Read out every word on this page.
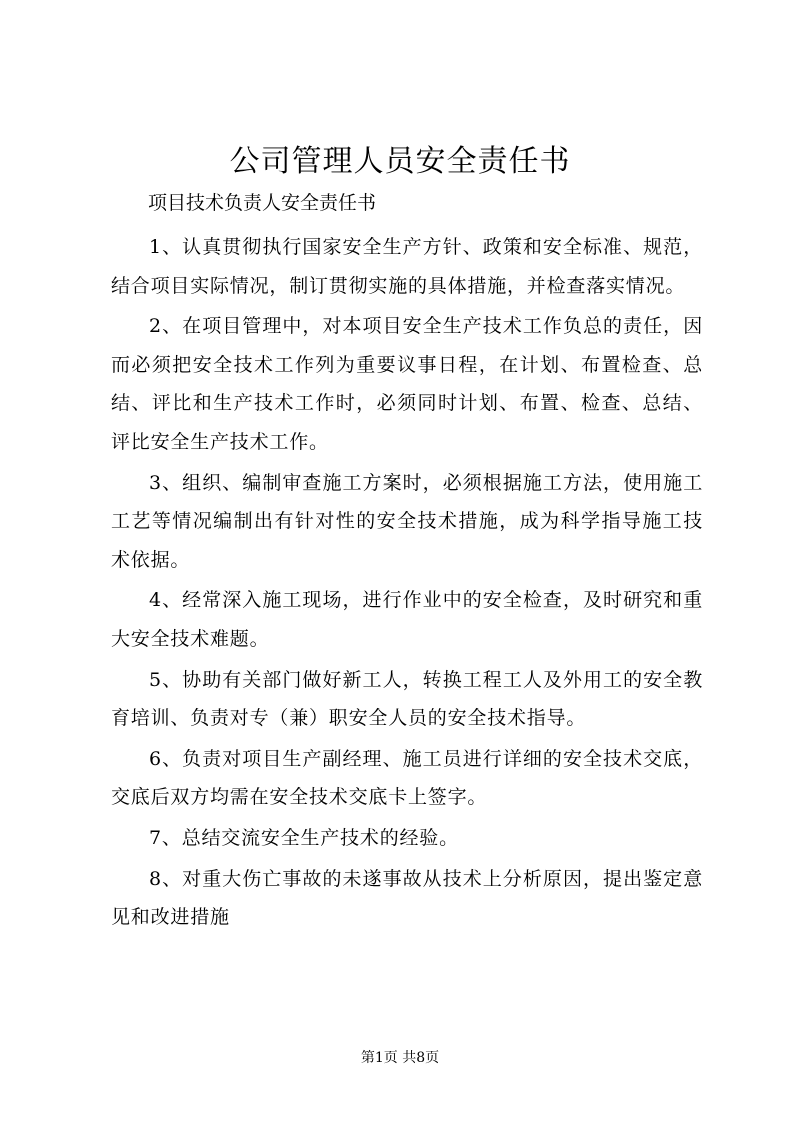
公司管理人员安全责任书

项目技术负责人安全责任书

1、认真贯彻执行国家安全生产方针、政策和安全标准、规范，结合项目实际情况，制订贯彻实施的具体措施，并检查落实情况。

2、在项目管理中，对本项目安全生产技术工作负总的责任，因而必须把安全技术工作列为重要议事日程，在计划、布置检查、总结、评比和生产技术工作时，必须同时计划、布置、检查、总结、评比安全生产技术工作。

3、组织、编制审查施工方案时，必须根据施工方法，使用施工工艺等情况编制出有针对性的安全技术措施，成为科学指导施工技术依据。

4、经常深入施工现场，进行作业中的安全检查，及时研究和重大安全技术难题。

5、协助有关部门做好新工人，转换工程工人及外用工的安全教育培训、负责对专（兼）职安全人员的安全技术指导。

6、负责对项目生产副经理、施工员进行详细的安全技术交底，交底后双方均需在安全技术交底卡上签字。

7、总结交流安全生产技术的经验。

8、对重大伤亡事故的未遂事故从技术上分析原因，提出鉴定意见和改进措施

第1页 共8页
